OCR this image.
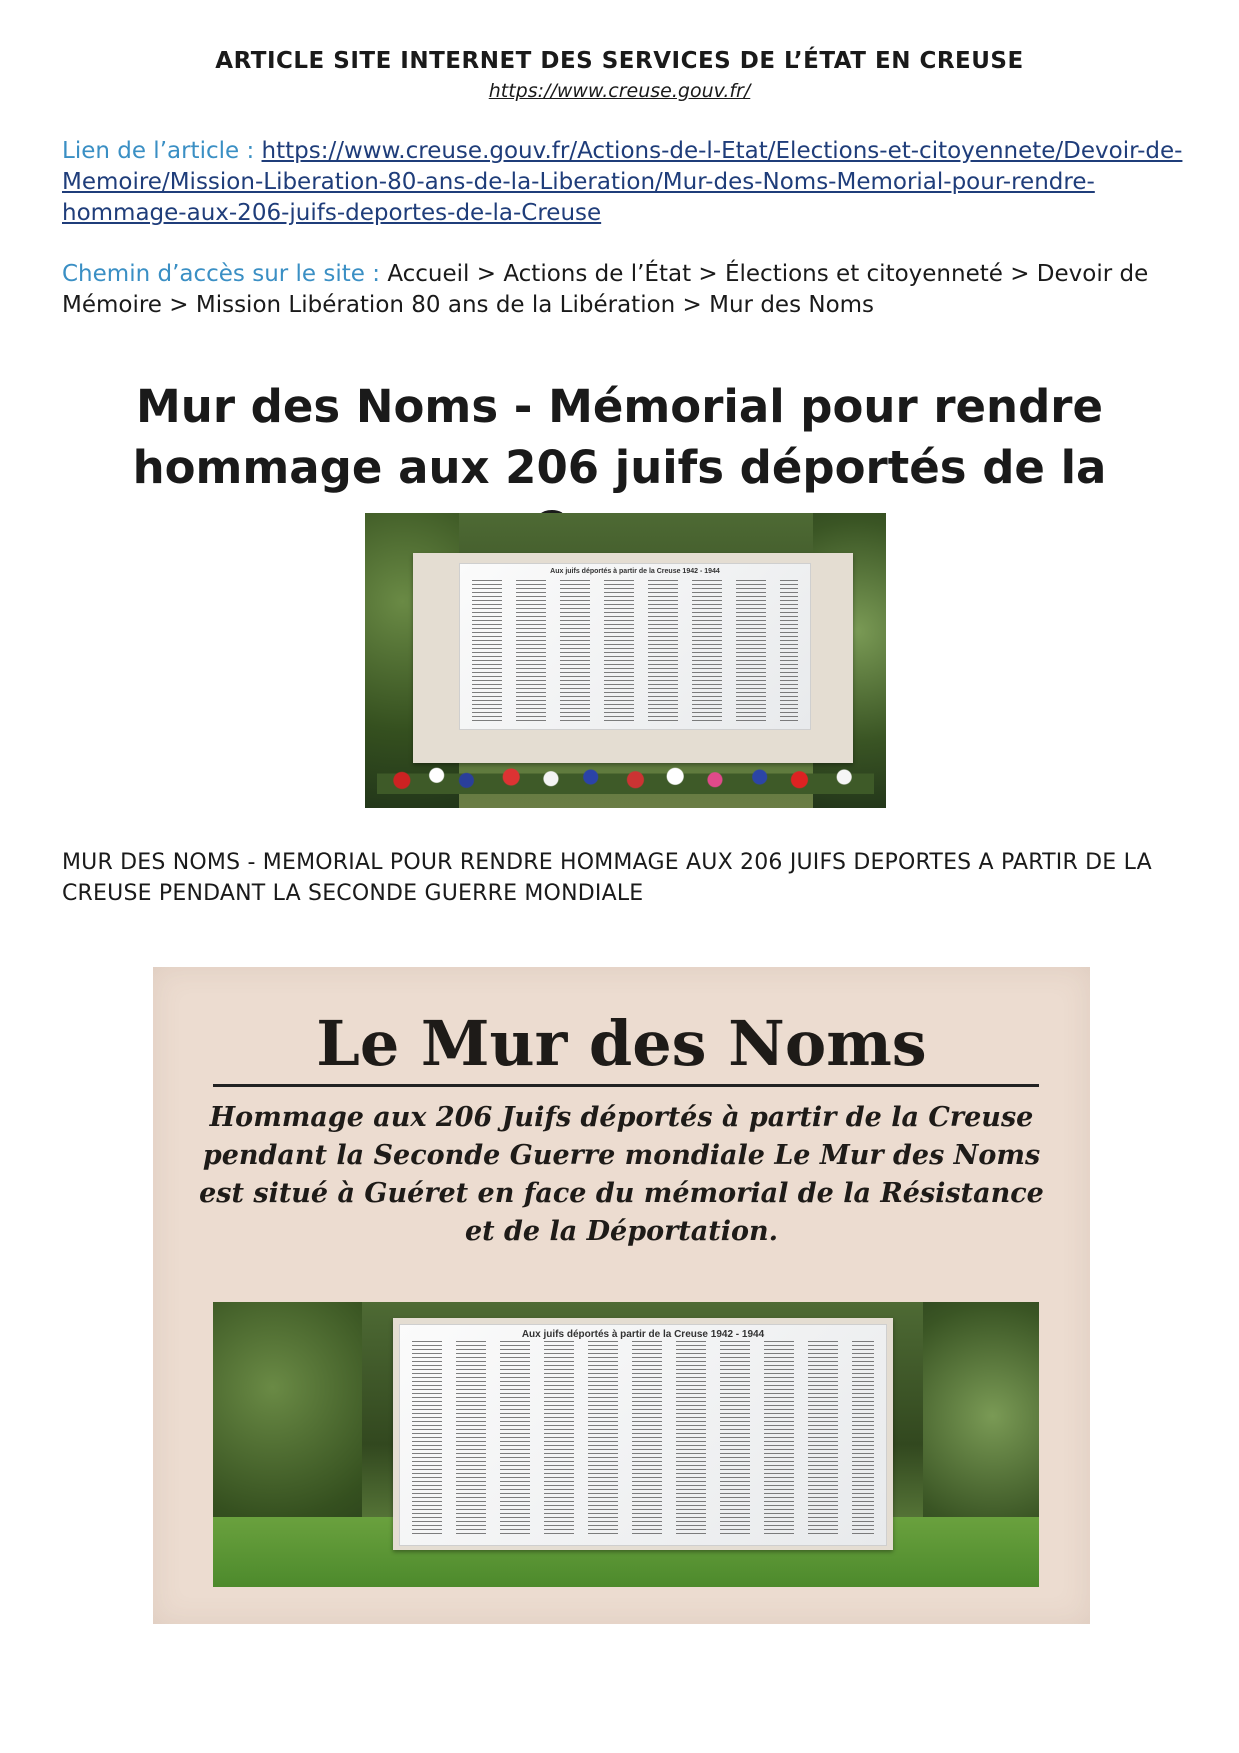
ARTICLE SITE INTERNET DES SERVICES DE L’ÉTAT EN CREUSE
https://www.creuse.gouv.fr/
Lien de l’article : https://www.creuse.gouv.fr/Actions-de-l-Etat/Elections-et-citoyennete/Devoir-de-Memoire/Mission-Liberation-80-ans-de-la-Liberation/Mur-des-Noms-Memorial-pour-rendre-hommage-aux-206-juifs-deportes-de-la-Creuse
Chemin d’accès sur le site : Accueil > Actions de l’État > Élections et citoyenneté > Devoir de Mémoire > Mission Libération 80 ans de la Libération > Mur des Noms
Mur des Noms - Mémorial pour rendre hommage aux 206 juifs déportés de la
Aux juifs déportés à partir de la Creuse 1942 - 1944
MUR DES NOMS - MEMORIAL POUR RENDRE HOMMAGE AUX 206 JUIFS DEPORTES A PARTIR DE LA CREUSE PENDANT LA SECONDE GUERRE MONDIALE
Le Mur des Noms
Hommage aux 206 Juifs déportés à partir de la Creuse pendant la Seconde Guerre mondiale Le Mur des Noms est situé à Guéret en face du mémorial de la Résistance et de la Déportation.
Aux juifs déportés à partir de la Creuse 1942 - 1944
